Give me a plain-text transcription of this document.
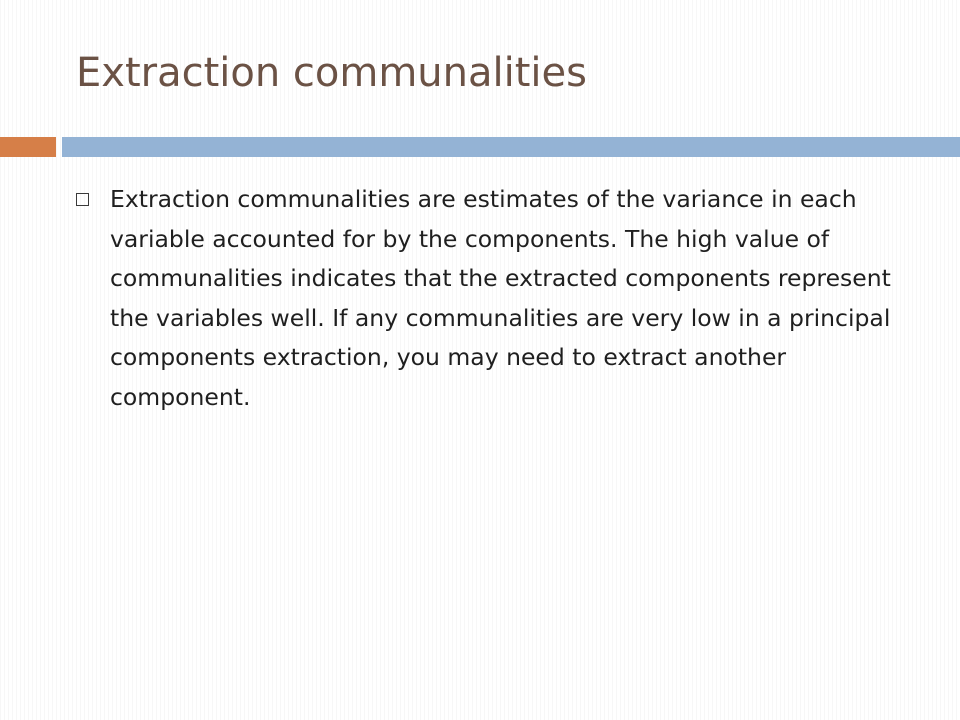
Extraction communalities

Extraction communalities are estimates of the variance in each variable accounted for by the components. The high value of communalities indicates that the extracted components represent the variables well. If any communalities are very low in a principal components extraction, you may need to extract another component.
